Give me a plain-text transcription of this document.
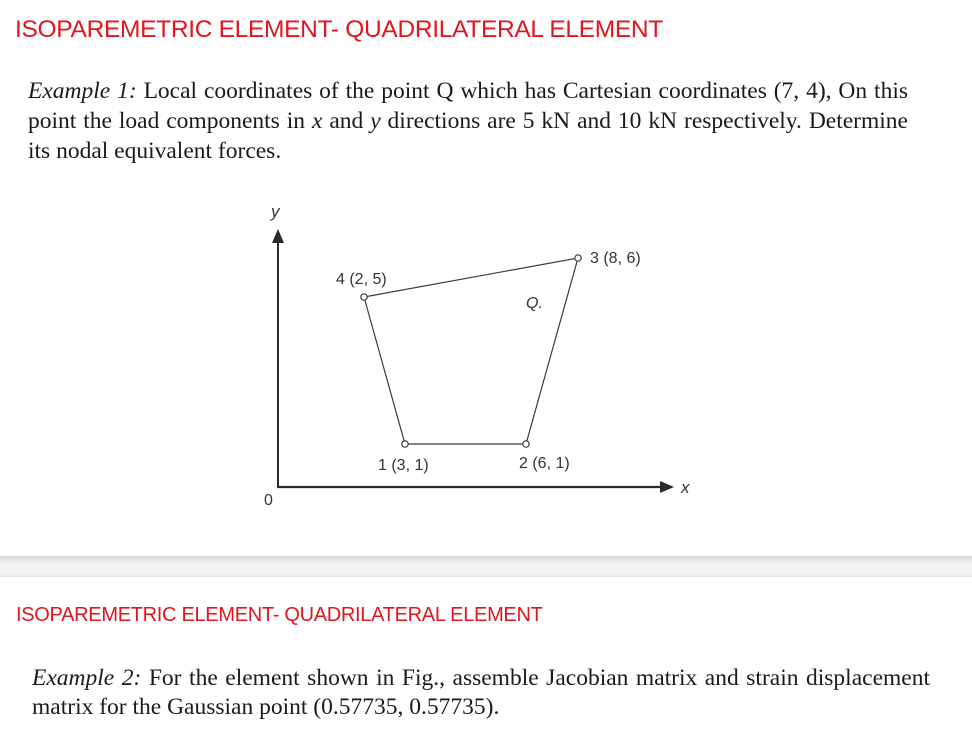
ISOPAREMETRIC ELEMENT- QUADRILATERAL ELEMENT
Example 1: Local coordinates of the point Q which has Cartesian coordinates (7, 4), On this point the load components in x and y directions are 5 kN and 10 kN respectively. Determine its nodal equivalent forces.
y
x
0
1 (3, 1)	2 (6, 1)
3 (8, 6)
4 (2, 5)
Q.
ISOPAREMETRIC ELEMENT- QUADRILATERAL ELEMENT
Example 2: For the element shown in Fig., assemble Jacobian matrix and strain displacement matrix for the Gaussian point (0.57735, 0.57735).
